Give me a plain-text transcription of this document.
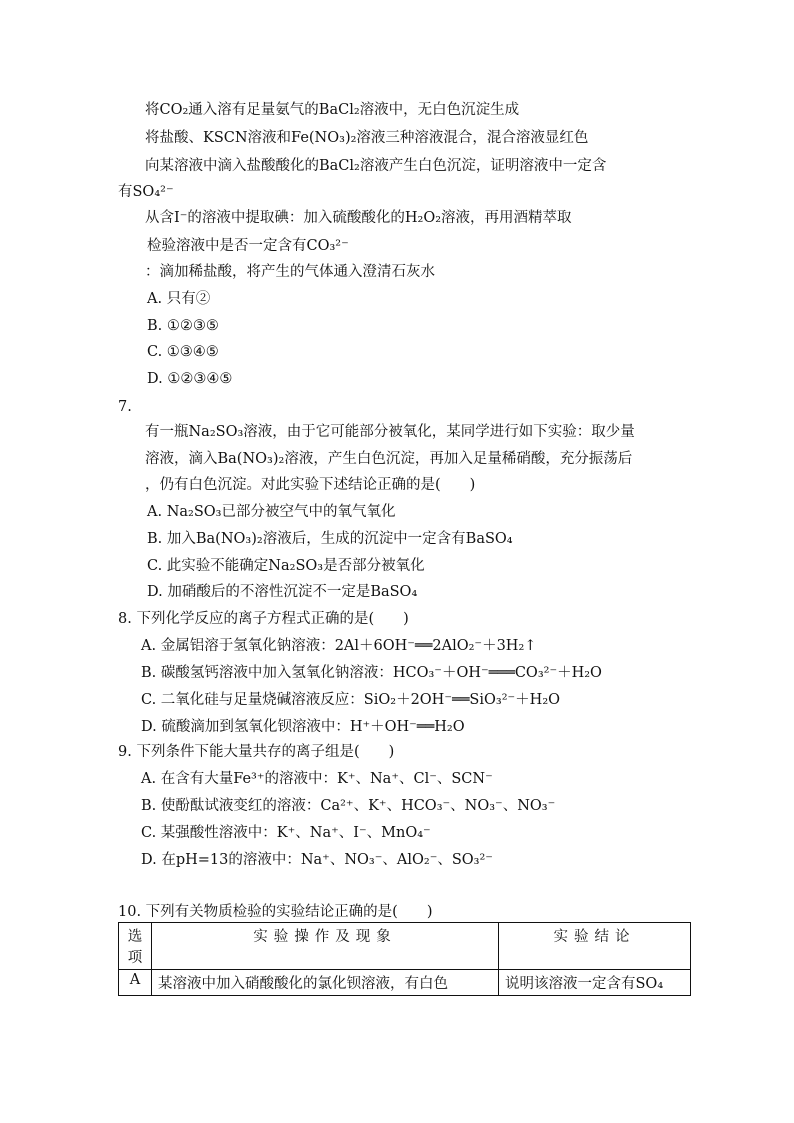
将CO₂通入溶有足量氨气的BaCl₂溶液中，无白色沉淀生成
将盐酸、KSCN溶液和Fe(NO₃)₂溶液三种溶液混合，混合溶液显红色
向某溶液中滴入盐酸酸化的BaCl₂溶液产生白色沉淀，证明溶液中一定含
有SO₄²⁻
从含I⁻的溶液中提取碘：加入硫酸酸化的H₂O₂溶液，再用酒精萃取
检验溶液中是否一定含有CO₃²⁻
：滴加稀盐酸，将产生的气体通入澄清石灰水
A. 只有②
B. ①②③⑤
C. ①③④⑤
D. ①②③④⑤
7.
有一瓶Na₂SO₃溶液，由于它可能部分被氧化，某同学进行如下实验：取少量
溶液，滴入Ba(NO₃)₂溶液，产生白色沉淀，再加入足量稀硝酸，充分振荡后
，仍有白色沉淀。对此实验下述结论正确的是(　　)
A. Na₂SO₃已部分被空气中的氧气氧化
B. 加入Ba(NO₃)₂溶液后，生成的沉淀中一定含有BaSO₄
C. 此实验不能确定Na₂SO₃是否部分被氧化
D. 加硝酸后的不溶性沉淀不一定是BaSO₄
8. 下列化学反应的离子方程式正确的是(　　)
A. 金属铝溶于氢氧化钠溶液：2Al＋6OH⁻══2AlO₂⁻＋3H₂↑
B. 碳酸氢钙溶液中加入氢氧化钠溶液：HCO₃⁻＋OH⁻═══CO₃²⁻＋H₂O
C. 二氧化硅与足量烧碱溶液反应：SiO₂＋2OH⁻══SiO₃²⁻＋H₂O
D. 硫酸滴加到氢氧化钡溶液中：H⁺＋OH⁻══H₂O
9. 下列条件下能大量共存的离子组是(　　)
A. 在含有大量Fe³⁺的溶液中：K⁺、Na⁺、Cl⁻、SCN⁻
B. 使酚酞试液变红的溶液：Ca²⁺、K⁺、HCO₃⁻、NO₃⁻、NO₃⁻
C. 某强酸性溶液中：K⁺、Na⁺、I⁻、MnO₄⁻
D. 在pH=13的溶液中：Na⁺、NO₃⁻、AlO₂⁻、SO₃²⁻
10. 下列有关物质检验的实验结论正确的是(　　)
选
项	实验操作及现象	实验结论
A	某溶液中加入硝酸酸化的氯化钡溶液，有白色	说明该溶液一定含有SO₄
